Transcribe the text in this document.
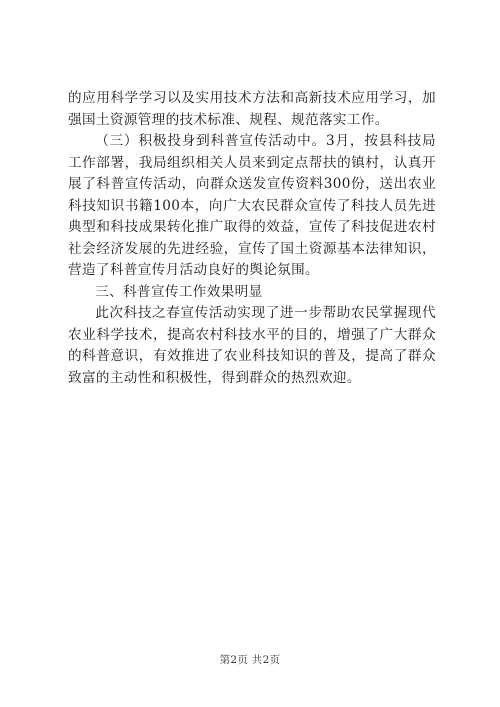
的应用科学学习以及实用技术方法和高新技术应用学习，加强国土资源管理的技术标准、规程、规范落实工作。

（三）积极投身到科普宣传活动中。3月，按县科技局工作部署，我局组织相关人员来到定点帮扶的镇村，认真开展了科普宣传活动，向群众送发宣传资料300份，送出农业科技知识书籍100本，向广大农民群众宣传了科技人员先进典型和科技成果转化推广取得的效益，宣传了科技促进农村社会经济发展的先进经验，宣传了国土资源基本法律知识，营造了科普宣传月活动良好的舆论氛围。

三、科普宣传工作效果明显

此次科技之春宣传活动实现了进一步帮助农民掌握现代农业科学技术，提高农村科技水平的目的，增强了广大群众的科普意识，有效推进了农业科技知识的普及，提高了群众致富的主动性和积极性，得到群众的热烈欢迎。

第2页 共2页
